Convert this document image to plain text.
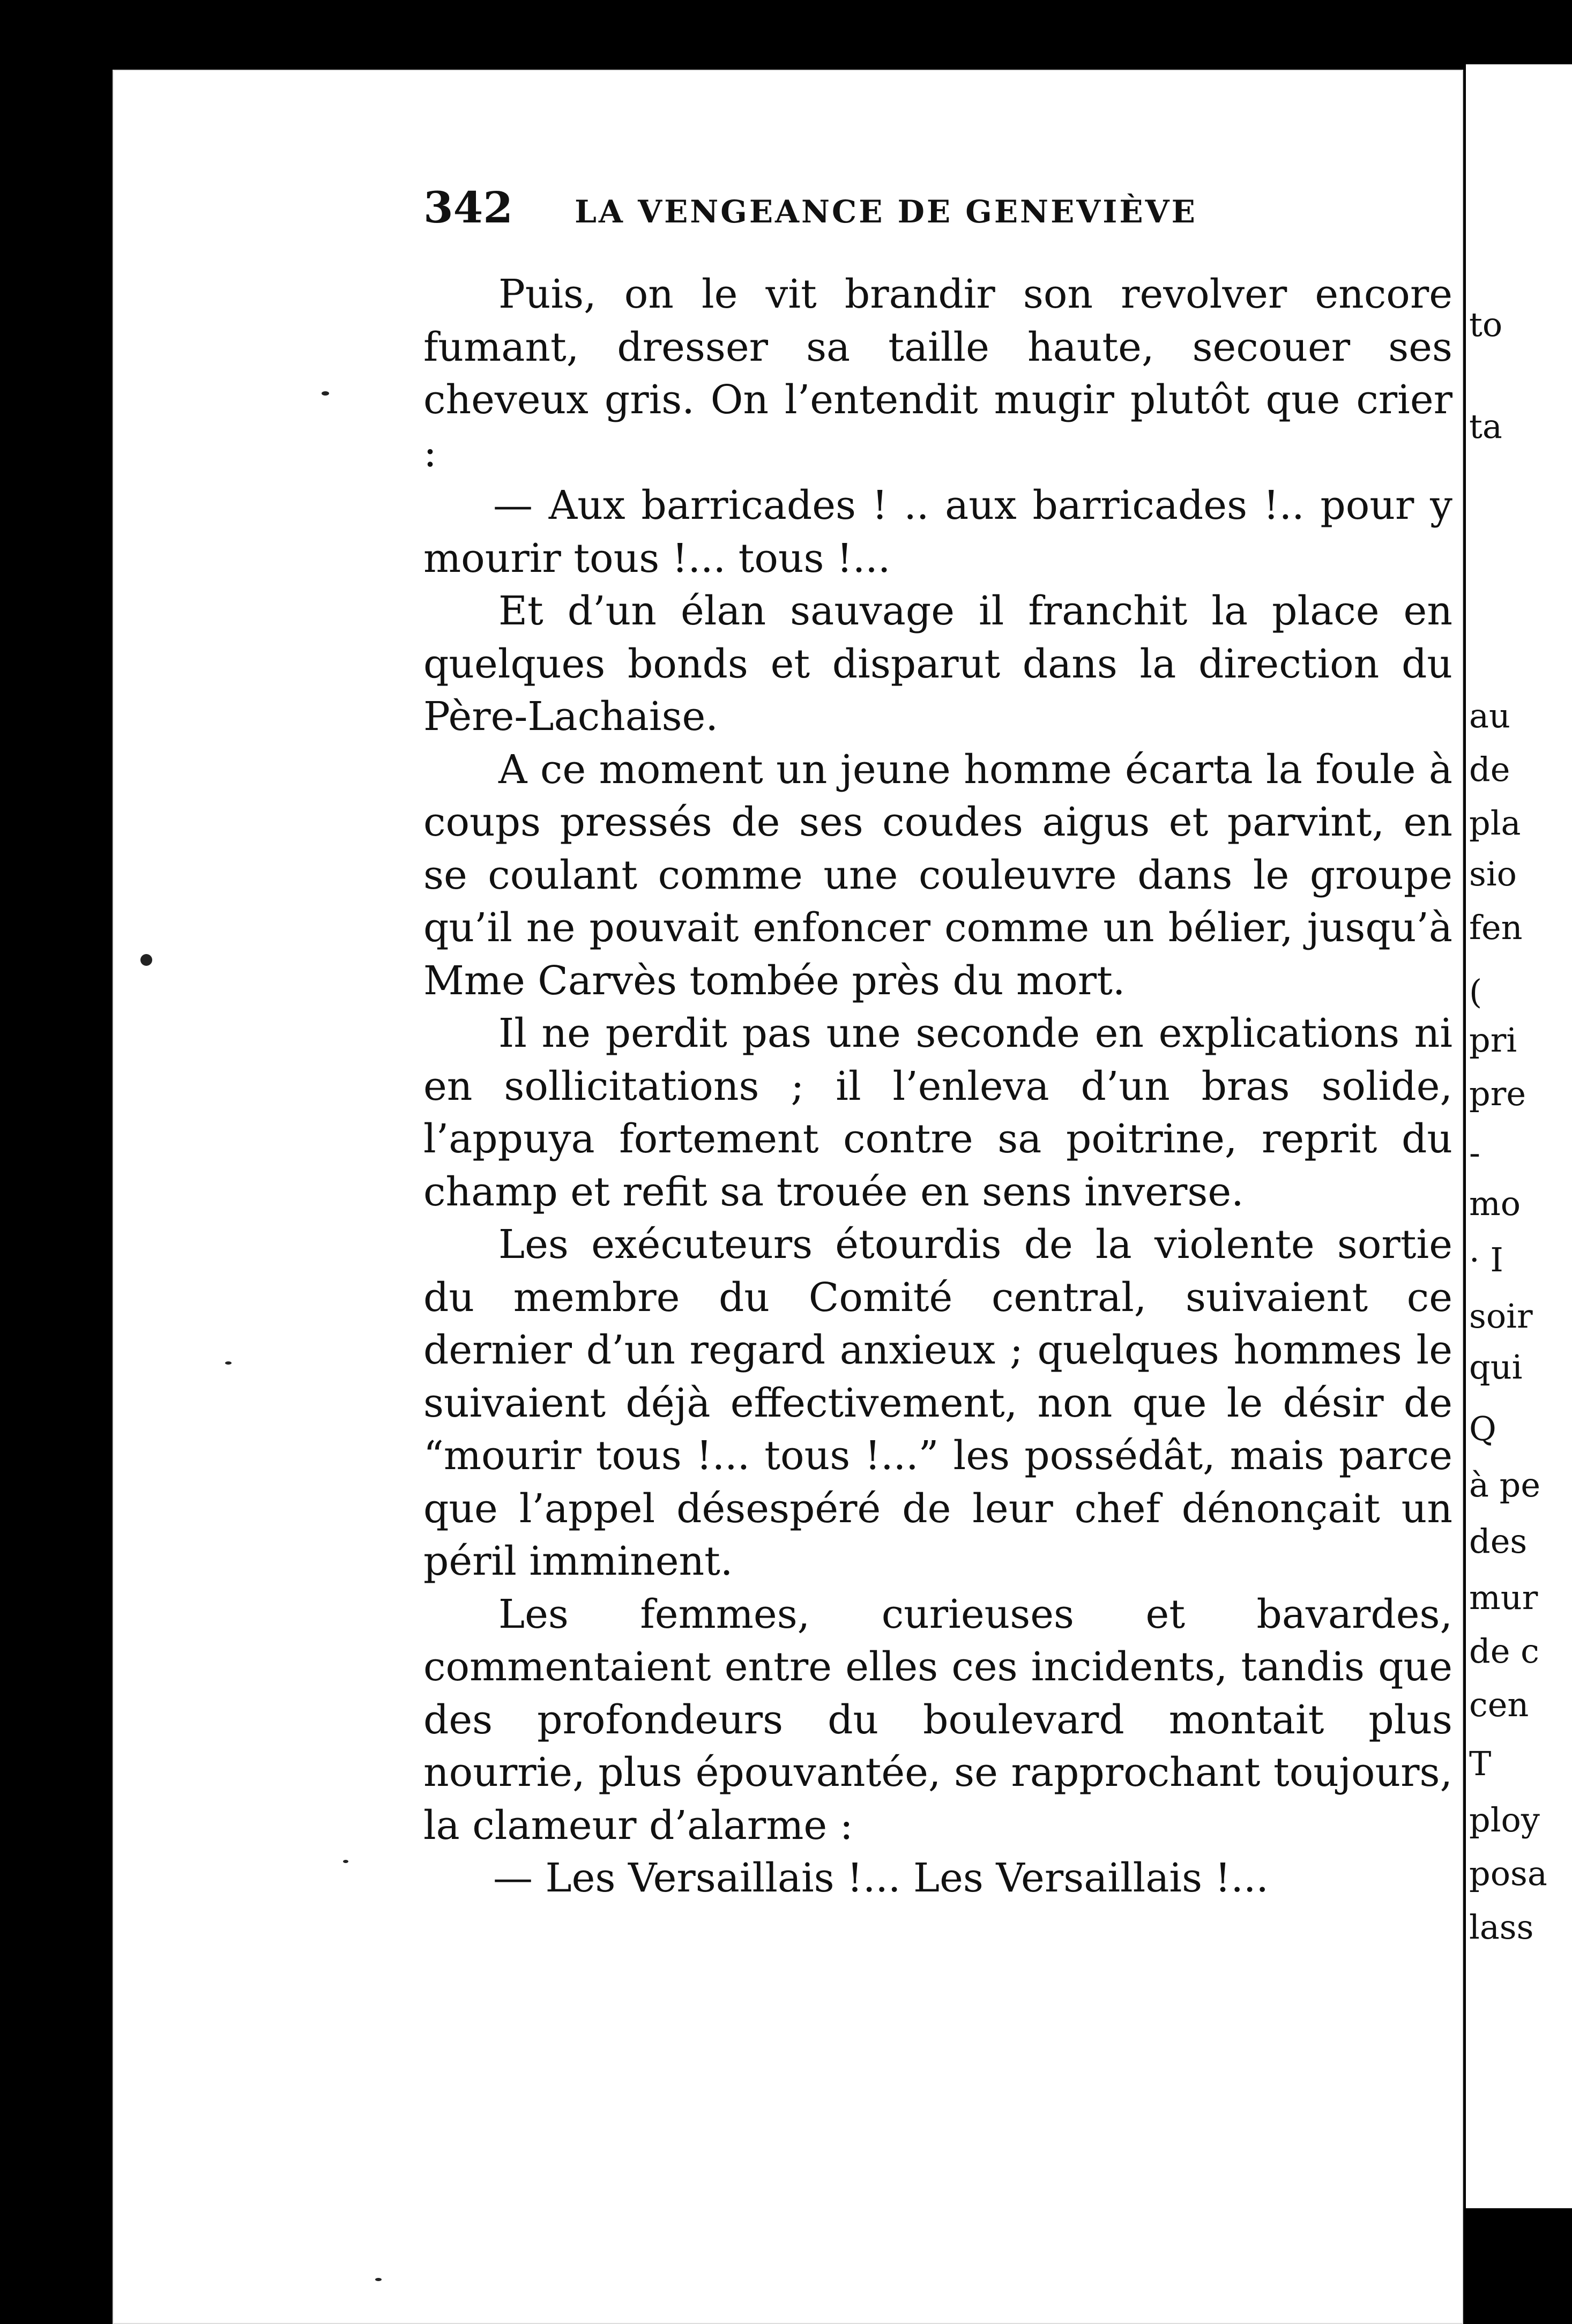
to
ta
au
de
pla
sio
fen
(
pri
pre
-
mo
· I
soir
qui
Q
à pe
des
mur
de c
cen
T
ploy
posa
lass
342 LA VENGEANCE DE GENEVIÈVE

Puis, on le vit brandir son revolver encore fumant, dresser sa taille haute, secouer ses cheveux gris. On l’entendit mugir plutôt que crier :

— Aux barricades ! .. aux barricades !.. pour y mourir tous !... tous !...

Et d’un élan sauvage il franchit la place en quelques bonds et disparut dans la direction du Père-Lachaise.

A ce moment un jeune homme écarta la foule à coups pressés de ses coudes aigus et parvint, en se coulant comme une couleuvre dans le groupe qu’il ne pouvait enfoncer comme un bélier, jusqu’à Mme Carvès tombée près du mort.

Il ne perdit pas une seconde en explications ni en sollicitations ; il l’enleva d’un bras solide, l’appuya fortement contre sa poitrine, reprit du champ et refit sa trouée en sens inverse.

Les exécuteurs étourdis de la violente sortie du membre du Comité central, suivaient ce dernier d’un regard anxieux ; quelques hommes le suivaient déjà effectivement, non que le désir de “mourir tous !... tous !...” les possédât, mais parce que l’appel désespéré de leur chef dénonçait un péril imminent.

Les femmes, curieuses et bavardes, commentaient entre elles ces incidents, tandis que des profondeurs du boulevard montait plus nourrie, plus épouvantée, se rapprochant toujours, la clameur d’alarme :

— Les Versaillais !... Les Versaillais !...
